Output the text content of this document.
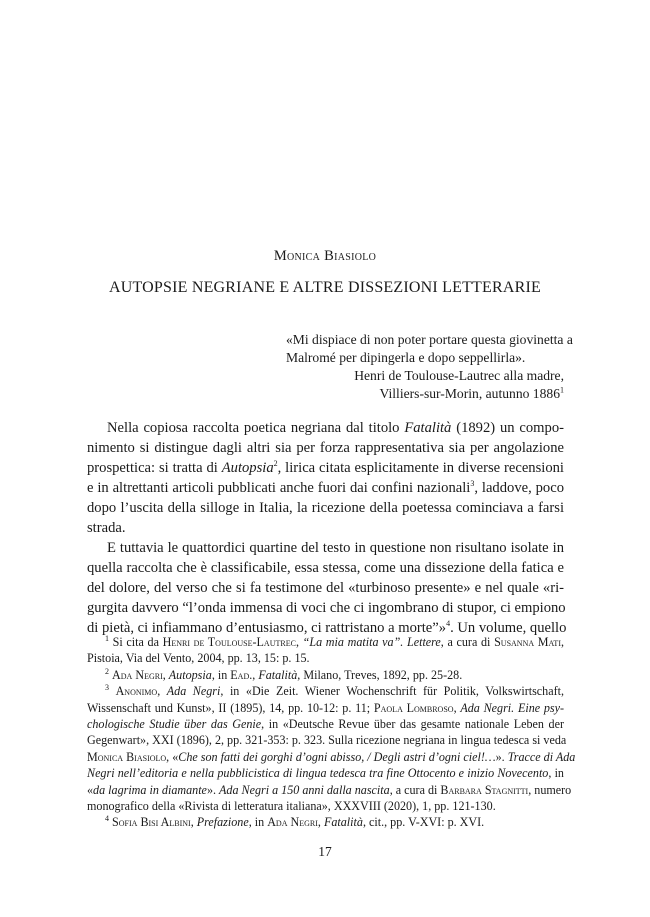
Monica Biasiolo
AUTOPSIE NEGRIANE E ALTRE DISSEZIONI LETTERARIE
«Mi dispiace di non poter portare questa giovinetta a
Malromé per dipingerla e dopo seppellirla».
Henri de Toulouse-Lautrec alla madre,
Villiers-sur-Morin, autunno 1886$^1$

Nella copiosa raccolta poetica negriana dal titolo Fatalità (1892) un compo-
nimento si distingue dagli altri sia per forza rappresentativa sia per angolazione
prospettica: si tratta di Autopsia$^2$, lirica citata esplicitamente in diverse recensioni
e in altrettanti articoli pubblicati anche fuori dai confini nazionali$^3$, laddove, poco
dopo l’uscita della silloge in Italia, la ricezione della poetessa cominciava a farsi
strada.

E tuttavia le quattordici quartine del testo in questione non risultano isolate in
quella raccolta che è classificabile, essa stessa, come una dissezione della fatica e
del dolore, del verso che si fa testimone del «turbinoso presente» e nel quale «ri-
gurgita davvero “l’onda immensa di voci che ci ingombrano di stupor, ci empiono
di pietà, ci infiammano d’entusiasmo, ci rattristano a morte”»$^4$. Un volume, quello

$^1$ Si cita da Henri de Toulouse-Lautrec, “La mia matita va”. Lettere, a cura di Susanna Mati,
Pistoia, Via del Vento, 2004, pp. 13, 15: p. 15.
$^2$ Ada Negri, Autopsia, in Ead., Fatalità, Milano, Treves, 1892, pp. 25-28.
$^3$ Anonimo, Ada Negri, in «Die Zeit. Wiener Wochenschrift für Politik, Volkswirtschaft,
Wissenschaft und Kunst», II (1895), 14, pp. 10-12: p. 11; Paola Lombroso, Ada Negri. Eine psy-
chologische Studie über das Genie, in «Deutsche Revue über das gesamte nationale Leben der
Gegenwart», XXI (1896), 2, pp. 321-353: p. 323. Sulla ricezione negriana in lingua tedesca si veda
Monica Biasiolo, «Che son fatti dei gorghi d’ogni abisso, / Degli astri d’ogni ciel!…». Tracce di Ada
Negri nell’editoria e nella pubblicistica di lingua tedesca tra fine Ottocento e inizio Novecento, in
«da lagrima in diamante». Ada Negri a 150 anni dalla nascita, a cura di Barbara Stagnitti, numero
monografico della «Rivista di letteratura italiana», XXXVIII (2020), 1, pp. 121-130.
$^4$ Sofia Bisi Albini, Prefazione, in Ada Negri, Fatalità, cit., pp. V-XVI: p. XVI.
17
